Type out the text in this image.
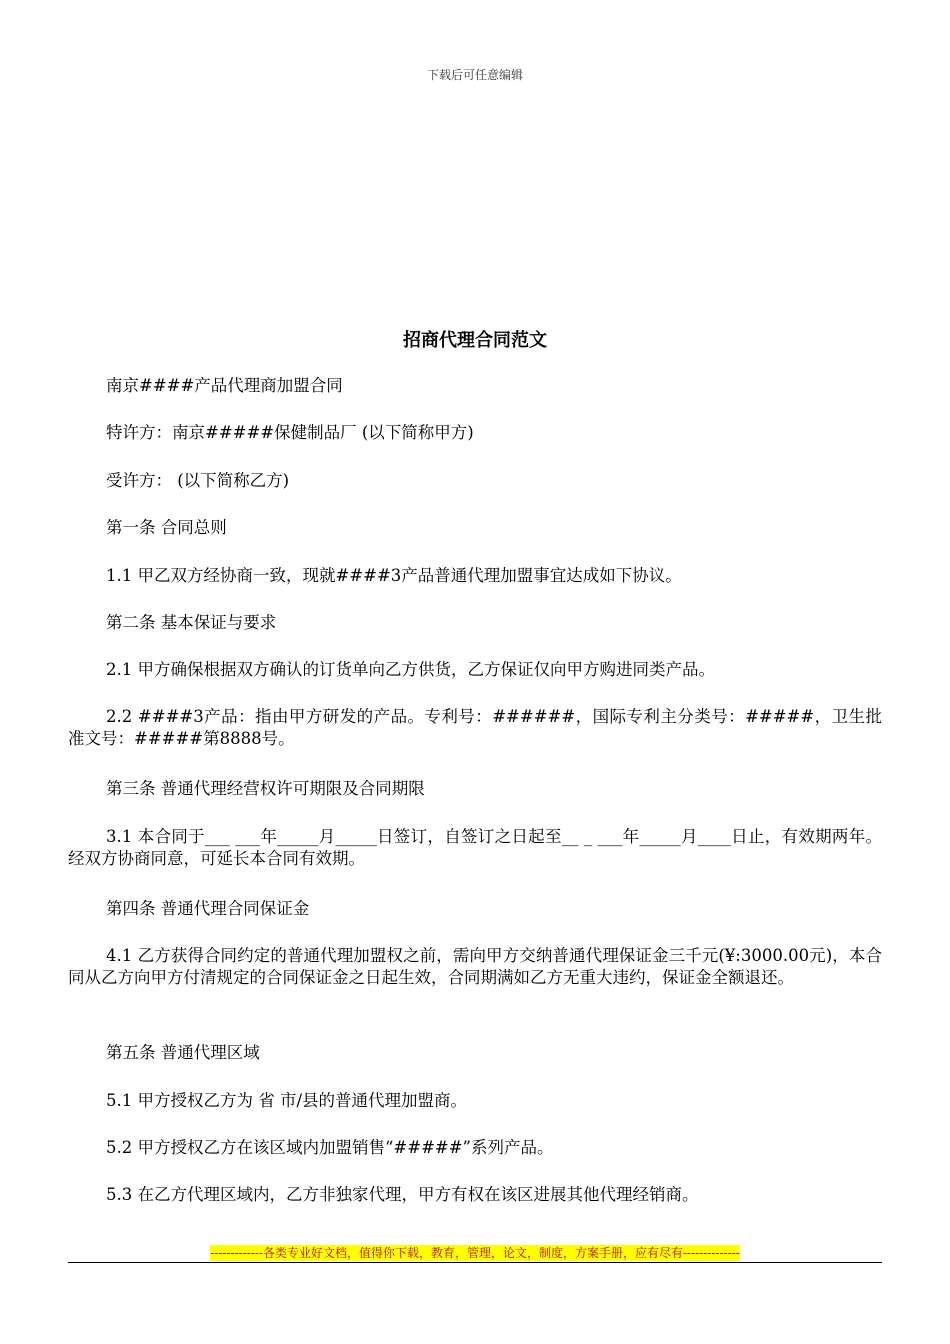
下载后可任意编辑
招商代理合同范文
南京####产品代理商加盟合同
特许方：南京#####保健制品厂 (以下简称甲方)
受许方： (以下简称乙方)
第一条 合同总则
1.1 甲乙双方经协商一致，现就####3产品普通代理加盟事宜达成如下协议。
第二条 基本保证与要求
2.1 甲方确保根据双方确认的订货单向乙方供货，乙方保证仅向甲方购进同类产品。
2.2 ####3产品：指由甲方研发的产品。专利号：######，国际专利主分类号：#####，卫生批准文号：#####第8888号。
第三条 普通代理经营权许可期限及合同期限
3.1 本合同于___ ___年_____月_____日签订，自签订之日起至__ _ ___年_____月____日止，有效期两年。经双方协商同意，可延长本合同有效期。
第四条 普通代理合同保证金
4.1 乙方获得合同约定的普通代理加盟权之前，需向甲方交纳普通代理保证金三千元(¥:3000.00元)，本合同从乙方向甲方付清规定的合同保证金之日起生效，合同期满如乙方无重大违约，保证金全额退还。
第五条 普通代理区域
5.1 甲方授权乙方为 省 市/县的普通代理加盟商。
5.2 甲方授权乙方在该区域内加盟销售“#####”系列产品。
5.3 在乙方代理区域内，乙方非独家代理，甲方有权在该区进展其他代理经销商。
-------------各类专业好文档，值得你下载，教育，管理，论文，制度，方案手册，应有尽有--------------
